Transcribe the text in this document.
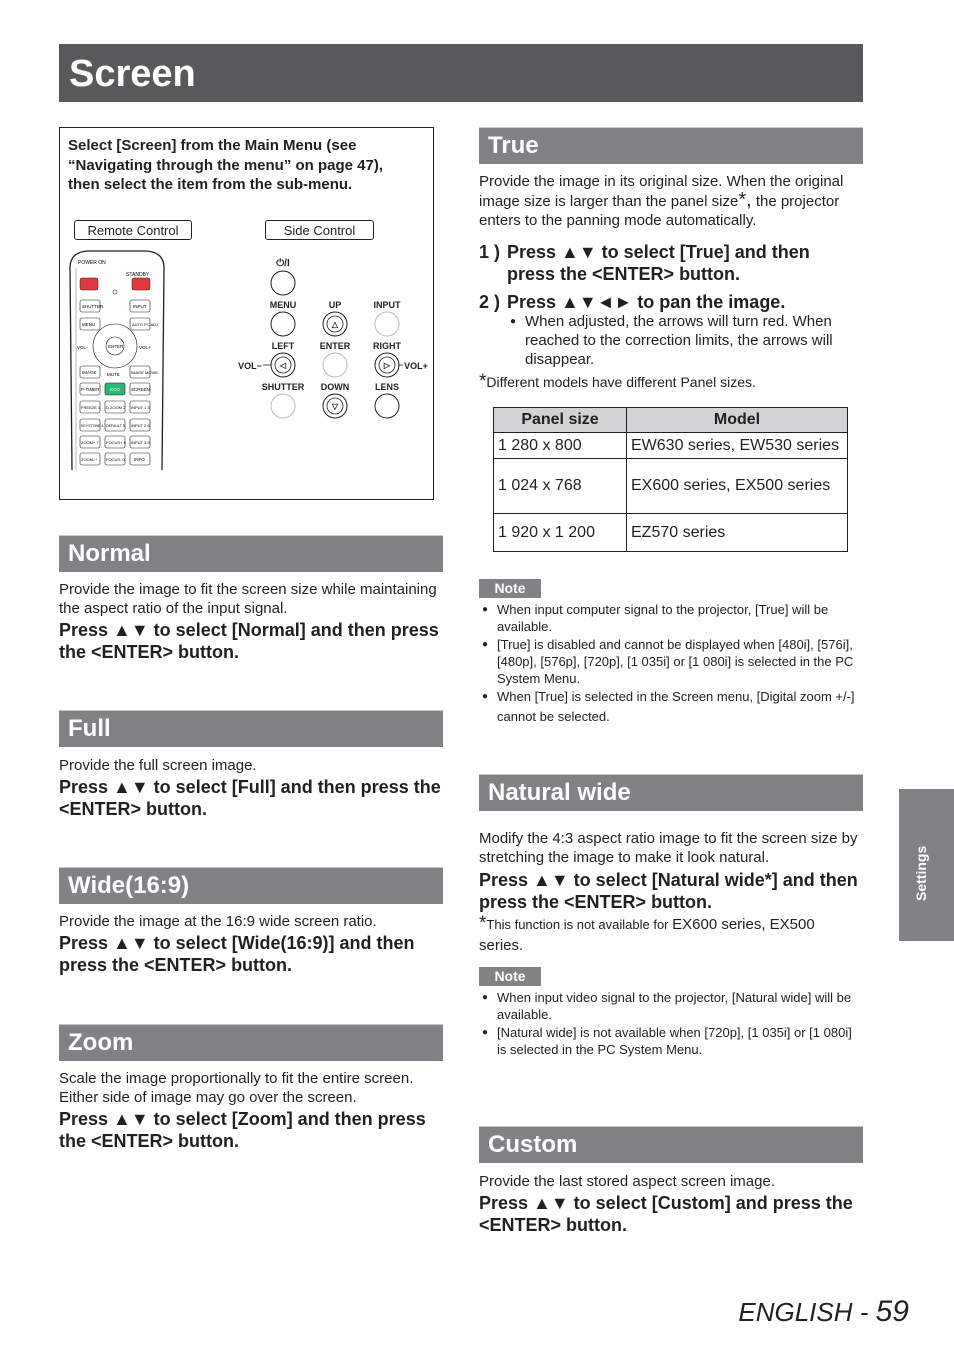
Screen
Select [Screen] from the Main Menu (see “Navigating through the menu” on page 47), then select the item from the sub-menu.
Remote Control	Side Control
POWER ON
STANDBY
SHUTTER	INPUT
MENU	AUTO PC ADJ
ENTER
VOL-	VOL+
IMAGE MUTE	IMAGE MOVIE
P-TIMER ECO SCREEN
FREEZE 1 D.ZOOM 2 INPUT 1 3
KEYSTONE 4 DEFAULT 5 INPUT 2 6
ZOOM+ 7 FOCUS+ 8 INPUT 3 9
ZOOM- * FOCUS- 0 INFO
⏻/I
MENU	UP
△
INPUT
LEFT
◁
ENTER	RIGHT
▷
VOL−	VOL+
SHUTTER DOWN
▽
LENS
Normal
Provide the image to fit the screen size while maintaining the aspect ratio of the input signal.
Press ▲▼ to select [Normal] and then press the <ENTER> button.
Full
Provide the full screen image.
Press ▲▼ to select [Full] and then press the <ENTER> button.
Wide(16:9)
Provide the image at the 16:9 wide screen ratio.
Press ▲▼ to select [Wide(16:9)] and then press the <ENTER> button.
Zoom
Scale the image proportionally to fit the entire screen. Either side of image may go over the screen.
Press ▲▼ to select [Zoom] and then press the <ENTER> button.
True
Provide the image in its original size. When the original image size is larger than the panel size*, the projector enters to the panning mode automatically.
1 ) Press ▲▼ to select [True] and then press the <ENTER> button.
2 ) Press ▲▼◄► to pan the image.
● When adjusted, the arrows will turn red. When reached to the correction limits, the arrows will disappear.
*Different models have different Panel sizes.
Panel size	Model
1 280 x 800	EW630 series, EW530 series
1 024 x 768	EX600 series, EX500 series
1 920 x 1 200	EZ570 series
Note
● When input computer signal to the projector, [True] will be available.
● [True] is disabled and cannot be displayed when [480i], [576i], [480p], [576p], [720p], [1 035i] or [1 080i] is selected in the PC System Menu.
● When [True] is selected in the Screen menu, [Digital zoom +/-] cannot be selected.
Natural wide
Modify the 4:3 aspect ratio image to fit the screen size by stretching the image to make it look natural.
Press ▲▼ to select [Natural wide*] and then press the <ENTER> button.
*This function is not available for EX600 series, EX500 series.
Note
● When input video signal to the projector, [Natural wide] will be available.
● [Natural wide] is not available when [720p], [1 035i] or [1 080i] is selected in the PC System Menu.
Custom
Provide the last stored aspect screen image.
Press ▲▼ to select [Custom] and press the <ENTER> button.
Settings
ENGLISH - 59
